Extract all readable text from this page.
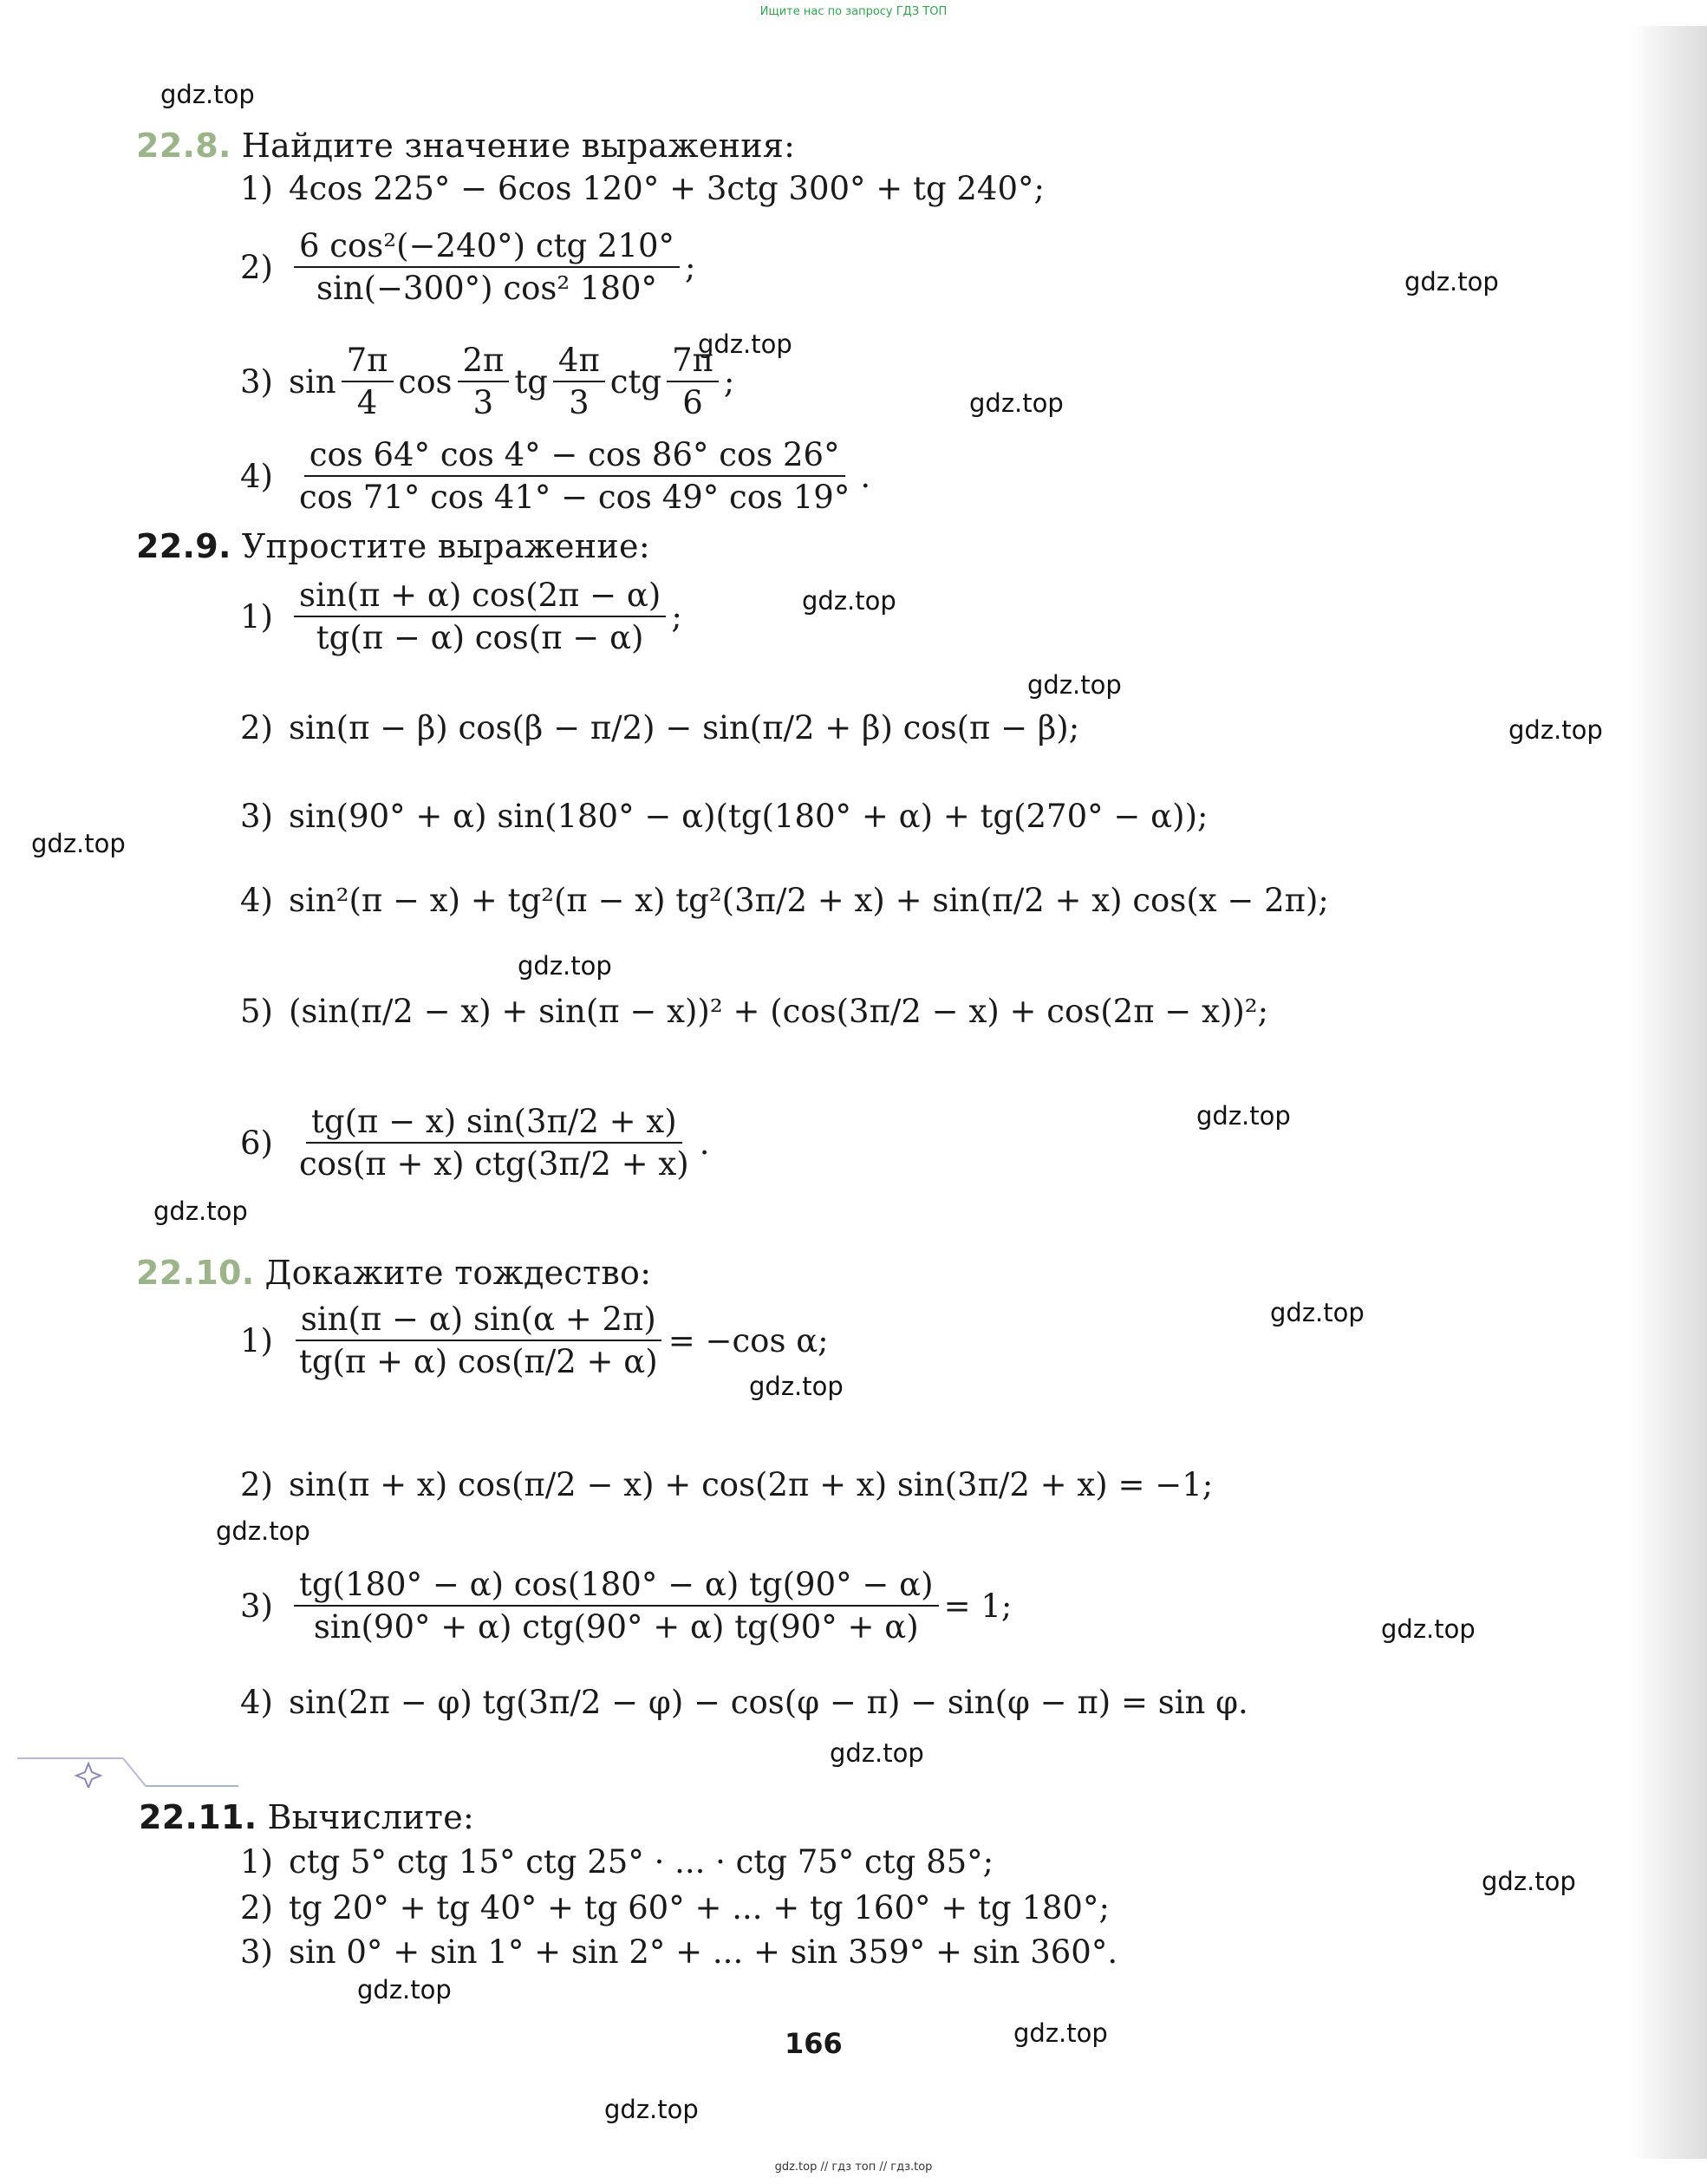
Ищите нас по запросу ГДЗ ТОП
gdz.top
gdz.top
gdz.top
gdz.top
gdz.top
gdz.top
gdz.top
gdz.top
gdz.top
gdz.top
gdz.top
gdz.top
gdz.top
gdz.top
gdz.top
gdz.top
gdz.top
gdz.top
gdz.top
gdz.top
22.8. Найдите значение выражения:
1) 4cos 225° − 6cos 120° + 3ctg 300° + tg 240°;
$2) \frac{\text{6 cos²(−240°) ctg 210°}}{\text{sin(−300°) cos² 180°}}$ ;
3) $\sin \frac{7\pi}{4}$ $\cos \frac{2\pi}{3}$ tg $\frac{4\pi}{3}$ ctg $\frac{7\pi}{6}$ ;
$4) \frac{\cos 64^\circ \cos 4^\circ - \cos 86^\circ \cos 26^\circ}{\cos 71^\circ \cos 41^\circ - \cos 49^\circ \cos 19^\circ}$ .
22.9. Упростите выражение:
$1) \frac{\sin(\pi + \alpha) \cos(2\pi - \alpha)}{tg(\pi - \alpha) \cos(\pi - \alpha)}$ ;
2) sin(π − β) cos(β − π/2) − sin(π/2 + β) cos(π − β);
3) sin(90° + α) sin(180° − α)(tg(180° + α) + tg(270° − α));
4) sin²(π − x) + tg²(π − x) tg²(3π/2 + x) + sin(π/2 + x) cos(x − 2π);
5) (sin(π/2 − x) + sin(π − x))² + (cos(3π/2 − x) + cos(2π − x))²;
$6) \frac{tg(\pi - x) \sin(3\pi/2 + x)}{\text{cos(π + x) ctg(3π/2 + x)}}$ .
22.10. Докажите тождество:
$1) \frac{\sin(\pi - \alpha) \sin(\alpha + 2\pi)}{tg(\pi + \alpha) \cos(\pi/2 + \alpha)} = -\cos$ α;
2) sin(π + x) cos(π/2 − x) + cos(2π + x) sin(3π/2 + x) = −1;
$3) \frac{tg(180^\circ - \alpha) \cos(180^\circ - \alpha) tg(90^\circ - \alpha)}{\text{sin(90° + α) ctg(90° + α) tg(90° + α)}} = 1$;
4) sin(2π − φ) tg(3π/2 − φ) − cos(φ − π) − sin(φ − π) = sin φ.
22.11. Вычислите:
1) ctg 5° ctg 15° ctg 25° · ... · ctg 75° ctg 85°;
2) tg 20° + tg 40° + tg 60° + ... + tg 160° + tg 180°;
3) sin 0° + sin 1° + sin 2° + ... + sin 359° + sin 360°.
166
gdz.top // гдз топ // гдз.top
